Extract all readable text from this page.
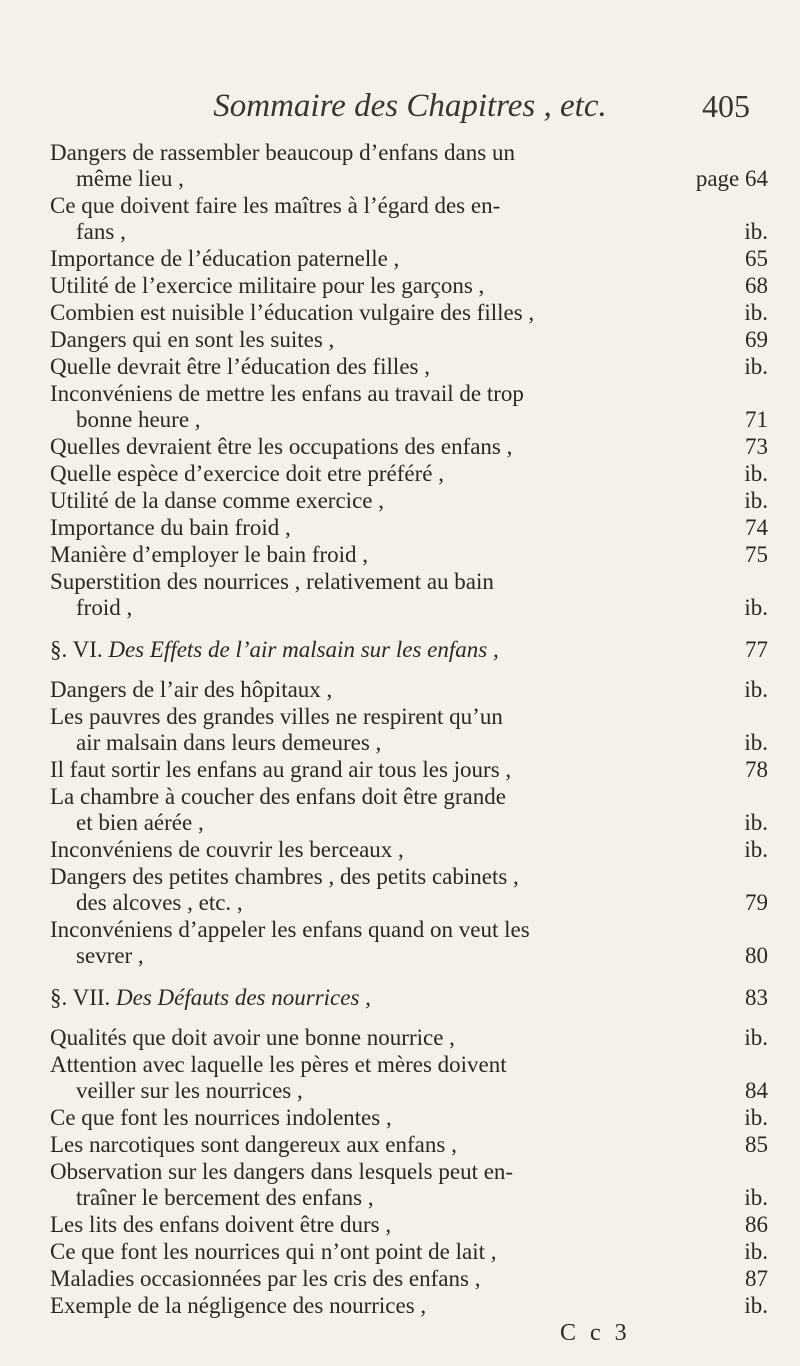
Sommaire des Chapitres , etc.	405
Dangers de rassembler beaucoup d’enfans dans un
même lieu ,	page 64
Ce que doivent faire les maîtres à l’égard des en-
fans ,	ib.
Importance de l’éducation paternelle ,	65
Utilité de l’exercice militaire pour les garçons ,	68
Combien est nuisible l’éducation vulgaire des filles ,	ib.
Dangers qui en sont les suites ,	69
Quelle devrait être l’éducation des filles ,	ib.
Inconvéniens de mettre les enfans au travail de trop
bonne heure ,	71
Quelles devraient être les occupations des enfans ,	73
Quelle espèce d’exercice doit etre préféré ,	ib.
Utilité de la danse comme exercice ,	ib.
Importance du bain froid ,	74
Manière d’employer le bain froid ,	75
Superstition des nourrices , relativement au bain
froid ,	ib.
§. VI. Des Effets de l’air malsain sur les enfans ,	77
Dangers de l’air des hôpitaux ,	ib.
Les pauvres des grandes villes ne respirent qu’un
air malsain dans leurs demeures ,	ib.
Il faut sortir les enfans au grand air tous les jours ,	78
La chambre à coucher des enfans doit être grande
et bien aérée ,	ib.
Inconvéniens de couvrir les berceaux ,	ib.
Dangers des petites chambres , des petits cabinets ,
des alcoves , etc. ,	79
Inconvéniens d’appeler les enfans quand on veut les
sevrer ,	80
§. VII. Des Défauts des nourrices ,	83
Qualités que doit avoir une bonne nourrice ,	ib.
Attention avec laquelle les pères et mères doivent
veiller sur les nourrices ,	84
Ce que font les nourrices indolentes ,	ib.
Les narcotiques sont dangereux aux enfans ,	85
Observation sur les dangers dans lesquels peut en-
traîner le bercement des enfans ,	ib.
Les lits des enfans doivent être durs ,	86
Ce que font les nourrices qui n’ont point de lait ,	ib.
Maladies occasionnées par les cris des enfans ,	87
Exemple de la négligence des nourrices ,	ib.
C c 3
